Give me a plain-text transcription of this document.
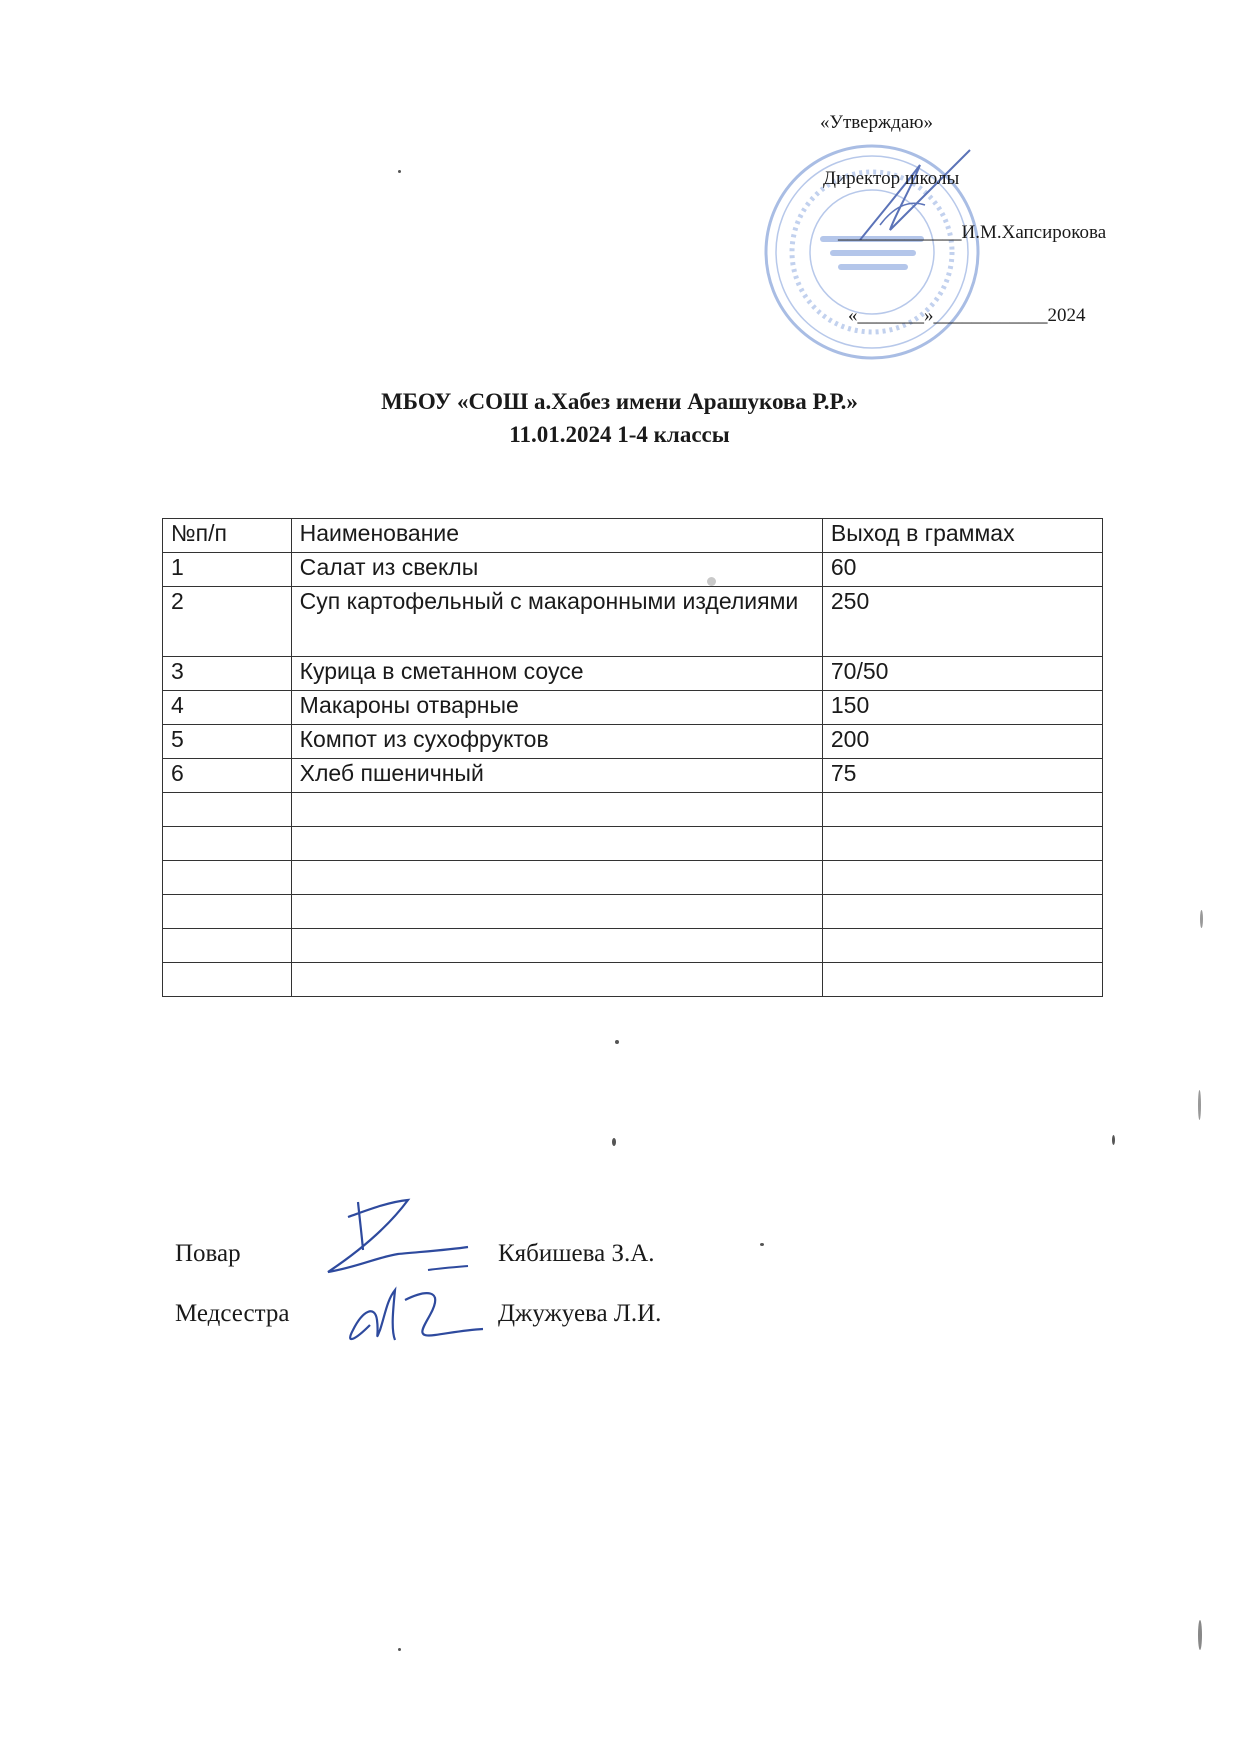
«Утверждаю»
Директор школы
_____________И.М.Хапсирокова
«_______»____________2024
МБОУ «СОШ а.Хабез имени Арашукова Р.Р.»
11.01.2024 1-4 классы
№п/п	Наименование	Выход в граммах
1	Салат из свеклы	60
2	Суп картофельный с макаронными изделиями	250
3	Курица в сметанном соусе	70/50
4	Макароны отварные	150
5	Компот из сухофруктов	200
6	Хлеб пшеничный	75

Повар	Кябишева З.А.
Медсестра	Джужуева Л.И.
